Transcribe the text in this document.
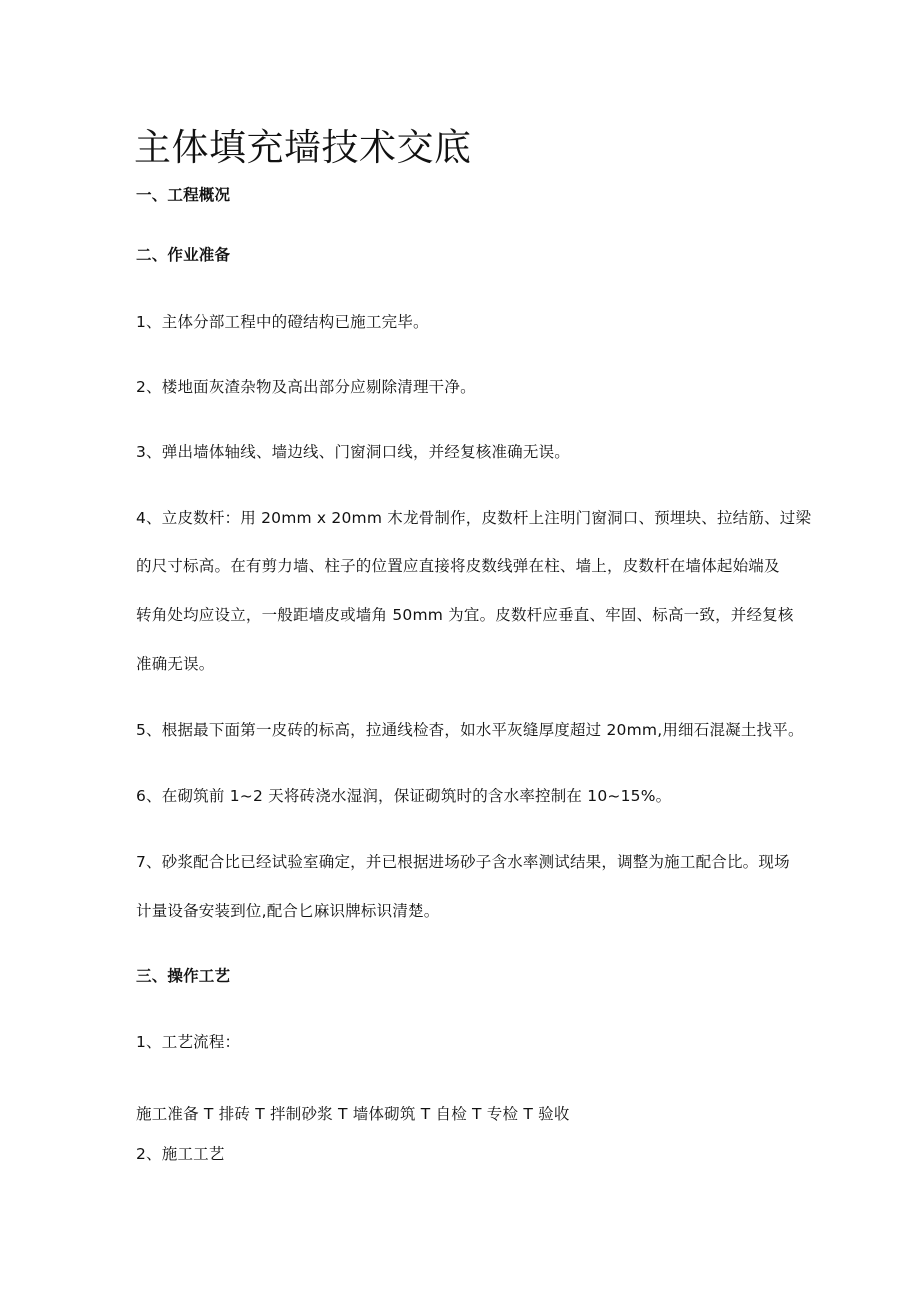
主体填充墙技术交底
一、工程概况
二、作业准备
1、主体分部工程中的磴结构已施工完毕。
2、楼地面灰渣杂物及高出部分应剔除清理干净。
3、弹出墙体轴线、墙边线、门窗洞口线，并经复核准确无误。
4、立皮数杆：用 20mm x 20mm 木龙骨制作，皮数杆上注明门窗洞口、预埋块、拉结筋、过梁
的尺寸标高。在有剪力墙、柱子的位置应直接将皮数线弹在柱、墙上，皮数杆在墙体起始端及
转角处均应设立，一般距墙皮或墙角 50mm 为宜。皮数杆应垂直、牢固、标高一致，并经复核
准确无误。
5、根据最下面第一皮砖的标高，拉通线检杳，如水平灰缝厚度超过 20mm,用细石混凝土找平。
6、在砌筑前 1~2 天将砖浇水湿润，保证砌筑时的含水率控制在 10~15%。
7、砂浆配合比已经试验室确定，并已根据进场砂子含水率测试结果，调整为施工配合比。现场
计量设备安装到位,配合匕麻识牌标识清楚。
三、操作工艺
1、工艺流程：
施工准备 T 排砖 T 拌制砂浆 T 墙体砌筑 T 自检 T 专检 T 验收
2、施工工艺
